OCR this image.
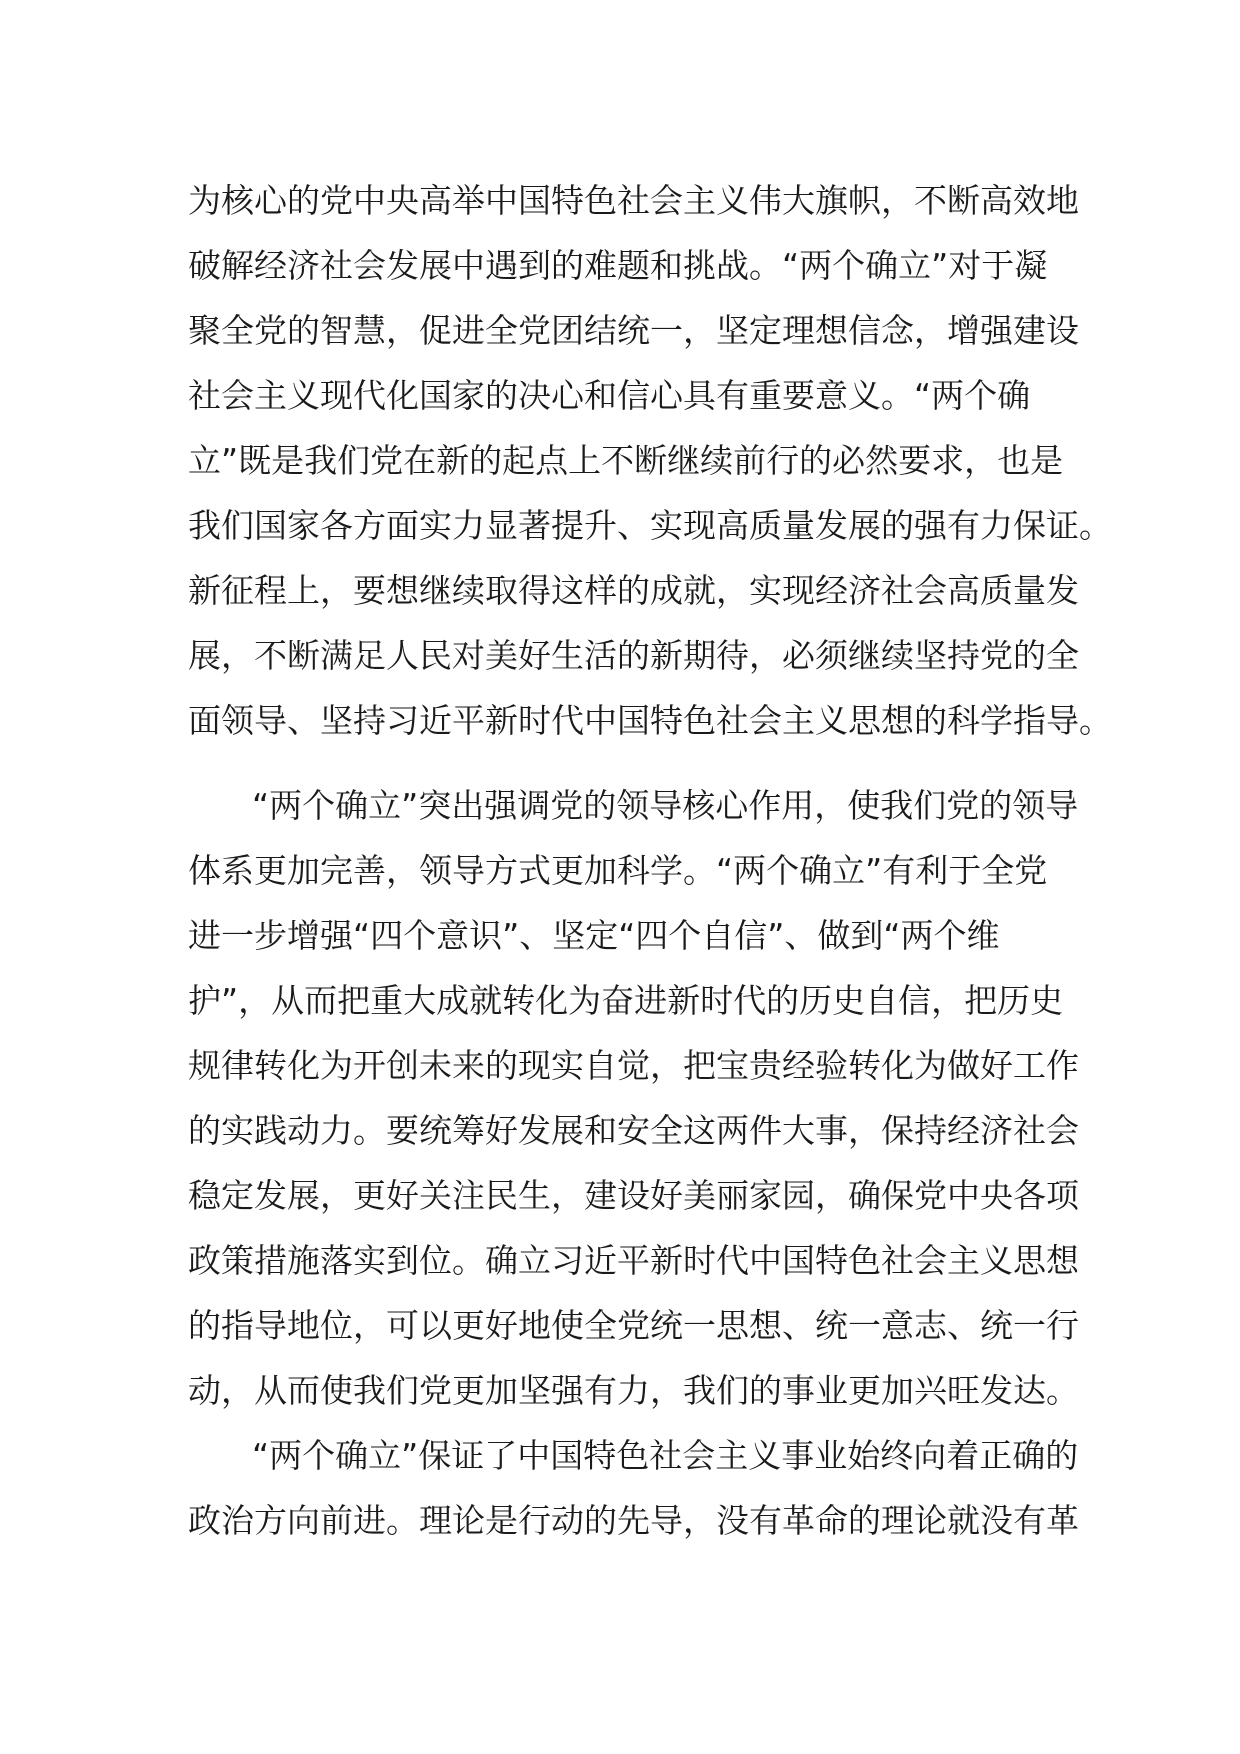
为核心的党中央高举中国特色社会主义伟大旗帜，不断高效地
破解经济社会发展中遇到的难题和挑战。“两个确立”对于凝
聚全党的智慧，促进全党团结统一，坚定理想信念，增强建设
社会主义现代化国家的决心和信心具有重要意义。“两个确
立”既是我们党在新的起点上不断继续前行的必然要求，也是
我们国家各方面实力显著提升、实现高质量发展的强有力保证。
新征程上，要想继续取得这样的成就，实现经济社会高质量发
展，不断满足人民对美好生活的新期待，必须继续坚持党的全
面领导、坚持习近平新时代中国特色社会主义思想的科学指导。
“两个确立”突出强调党的领导核心作用，使我们党的领导
体系更加完善，领导方式更加科学。“两个确立”有利于全党
进一步增强“四个意识”、坚定“四个自信”、做到“两个维
护”，从而把重大成就转化为奋进新时代的历史自信，把历史
规律转化为开创未来的现实自觉，把宝贵经验转化为做好工作
的实践动力。要统筹好发展和安全这两件大事，保持经济社会
稳定发展，更好关注民生，建设好美丽家园，确保党中央各项
政策措施落实到位。确立习近平新时代中国特色社会主义思想
的指导地位，可以更好地使全党统一思想、统一意志、统一行
动，从而使我们党更加坚强有力，我们的事业更加兴旺发达。
“两个确立”保证了中国特色社会主义事业始终向着正确的
政治方向前进。理论是行动的先导，没有革命的理论就没有革
